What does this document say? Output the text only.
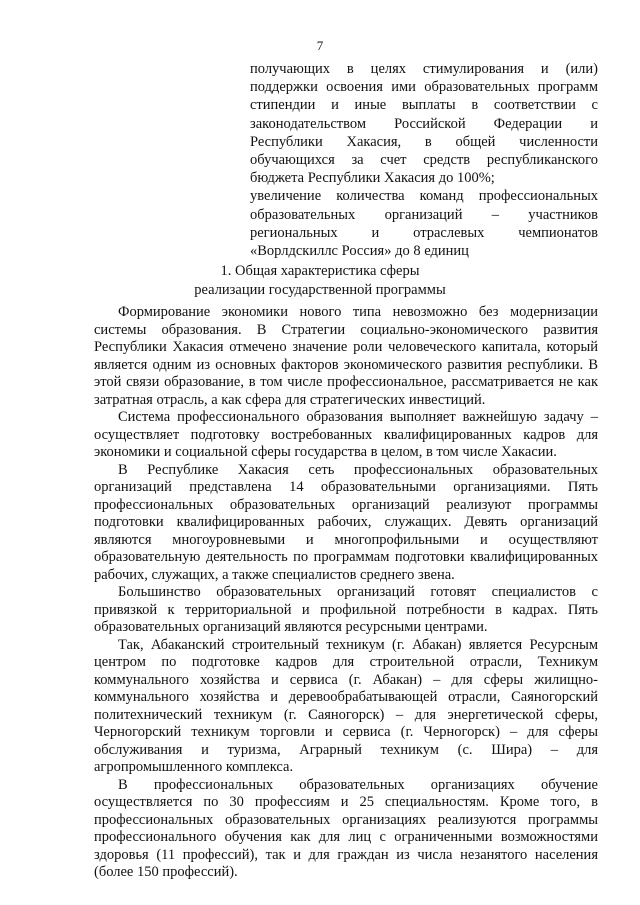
7

получающих в целях стимулирования и (или) поддержки освоения ими образовательных программ стипендии и иные выплаты в соответствии с законодательством Российской Федерации и Республики Хакасия, в общей численности обучающихся за счет средств республиканского бюджета Республики Хакасия до 100%;

увеличение количества команд профессиональных образовательных организаций – участников региональных и отраслевых чемпионатов «Ворлдскиллс Россия» до 8 единиц

1. Общая характеристика сферы
реализации государственной программы

Формирование экономики нового типа невозможно без модернизации системы образования. В Стратегии социально-экономического развития Республики Хакасия отмечено значение роли человеческого капитала, который является одним из основных факторов экономического развития республики. В этой связи образование, в том числе профессиональное, рассматривается не как затратная отрасль, а как сфера для стратегических инвестиций.

Система профессионального образования выполняет важнейшую задачу – осуществляет подготовку востребованных квалифицированных кадров для экономики и социальной сферы государства в целом, в том числе Хакасии.

В Республике Хакасия сеть профессиональных образовательных организаций представлена 14 образовательными организациями. Пять профессиональных образовательных организаций реализуют программы подготовки квалифицированных рабочих, служащих. Девять организаций являются многоуровневыми и многопрофильными и осуществляют образовательную деятельность по программам подготовки квалифицированных рабочих, служащих, а также специалистов среднего звена.

Большинство образовательных организаций готовят специалистов с привязкой к территориальной и профильной потребности в кадрах. Пять образовательных организаций являются ресурсными центрами.

Так, Абаканский строительный техникум (г. Абакан) является Ресурсным центром по подготовке кадров для строительной отрасли, Техникум коммунального хозяйства и сервиса (г. Абакан) – для сферы жилищно-коммунального хозяйства и деревообрабатывающей отрасли, Саяногорский политехнический техникум (г. Саяногорск) – для энергетической сферы, Черногорский техникум торговли и сервиса (г. Черногорск) – для сферы обслуживания и туризма, Аграрный техникум (с. Шира) – для агропромышленного комплекса.

В профессиональных образовательных организациях обучение осуществляется по 30 профессиям и 25 специальностям. Кроме того, в профессиональных образовательных организациях реализуются программы профессионального обучения как для лиц с ограниченными возможностями здоровья (11 профессий), так и для граждан из числа незанятого населения (более 150 профессий).
